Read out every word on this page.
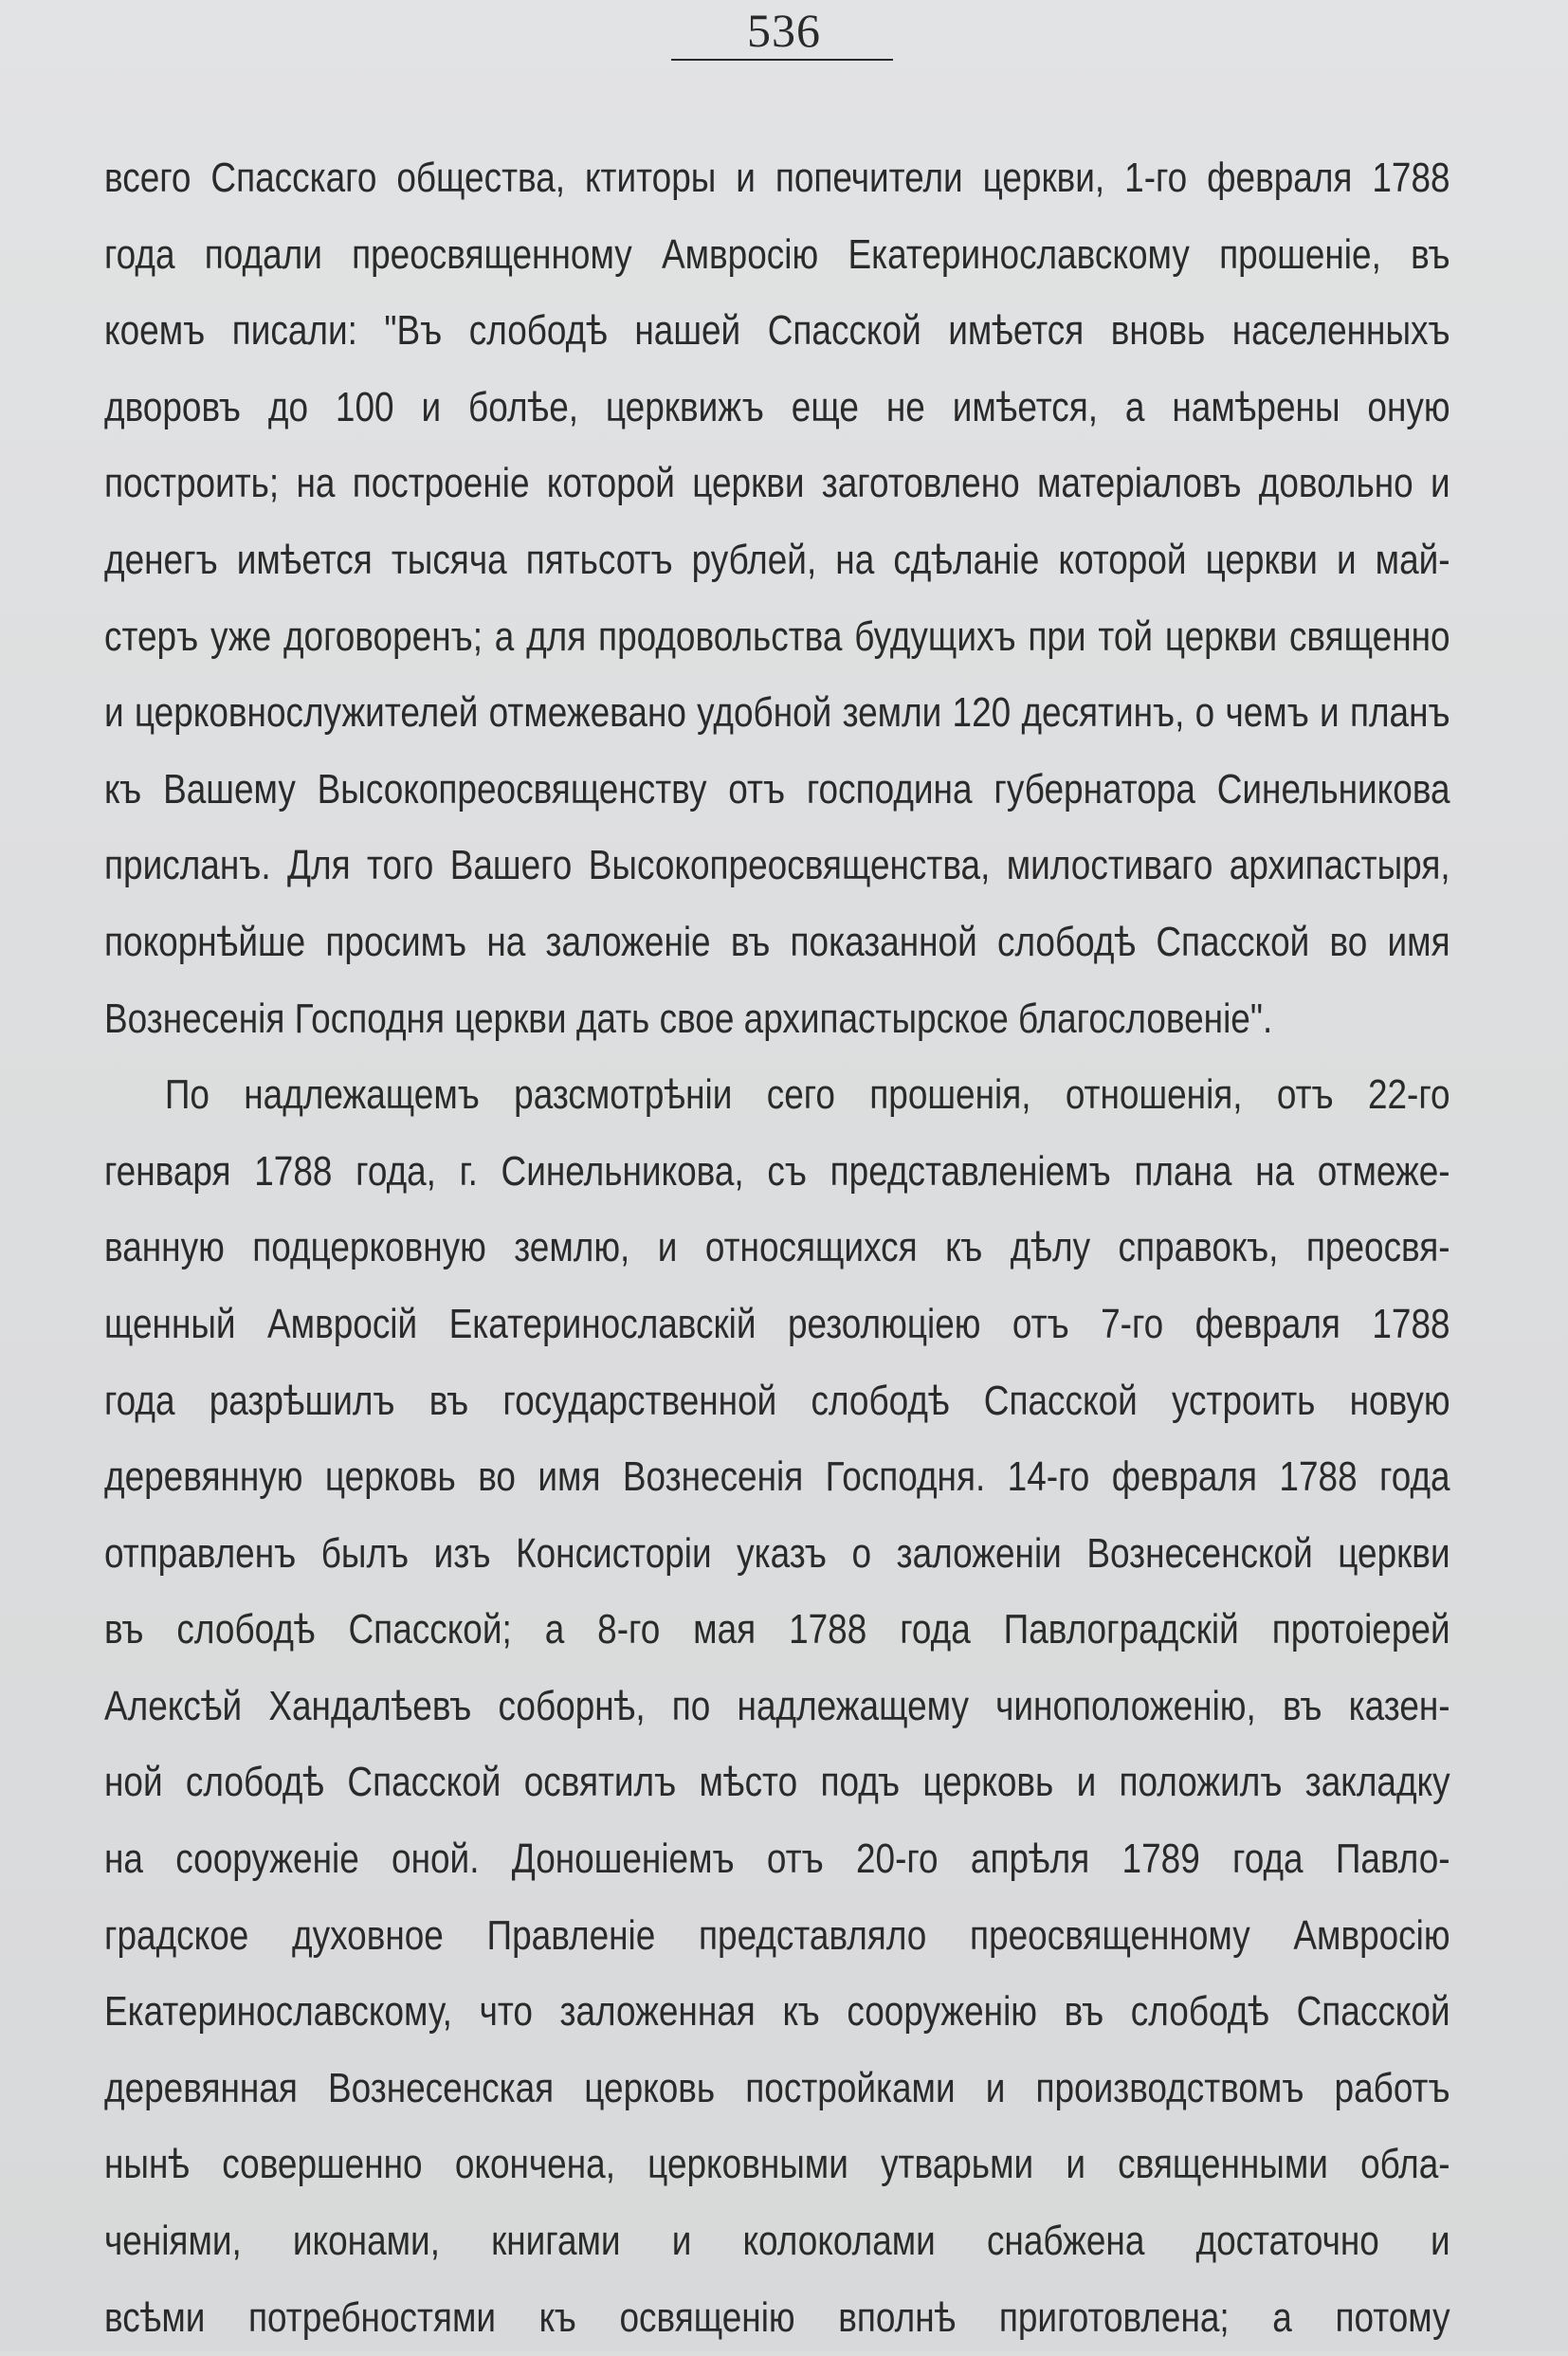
536
всего Спасскаго общества, ктиторы и попечители церкви, 1-го февраля 1788
года подали преосвященному Амвросію Екатеринославскому прошеніе, въ
коемъ писали: "Въ слободѣ нашей Спасской имѣется вновь населенныхъ
дворовъ до 100 и болѣе, церквижъ еще не имѣется, а намѣрены оную
построить; на построеніе которой церкви заготовлено матеріаловъ довольно и
денегъ имѣется тысяча пятьсотъ рублей, на сдѣланіе которой церкви и май-
стеръ уже договоренъ; а для продовольства будущихъ при той церкви священно
и церковнослужителей отмежевано удобной земли 120 десятинъ, о чемъ и планъ
къ Вашему Высокопреосвященству отъ господина губернатора Синельникова
присланъ. Для того Вашего Высокопреосвященства, милостиваго архипастыря,
покорнѣйше просимъ на заложеніе въ показанной слободѣ Спасской во имя
Вознесенія Господня церкви дать свое архипастырское благословеніе".
По надлежащемъ разсмотрѣніи сего прошенія, отношенія, отъ 22-го
генваря 1788 года, г. Синельникова, съ представленіемъ плана на отмеже-
ванную подцерковную землю, и относящихся къ дѣлу справокъ, преосвя-
щенный Амвросій Екатеринославскій резолюціею отъ 7-го февраля 1788
года разрѣшилъ въ государственной слободѣ Спасской устроить новую
деревянную церковь во имя Вознесенія Господня. 14-го февраля 1788 года
отправленъ былъ изъ Консисторіи указъ о заложеніи Вознесенской церкви
въ слободѣ Спасской; а 8-го мая 1788 года Павлоградскій протоіерей
Алексѣй Хандалѣевъ соборнѣ, по надлежащему чиноположенію, въ казен-
ной слободѣ Спасской освятилъ мѣсто подъ церковь и положилъ закладку
на сооруженіе оной. Доношеніемъ отъ 20-го апрѣля 1789 года Павло-
градское духовное Правленіе представляло преосвященному Амвросію
Екатеринославскому, что заложенная къ сооруженію въ слободѣ Спасской
деревянная Вознесенская церковь постройками и производствомъ работъ
нынѣ совершенно окончена, церковными утварьми и священными обла-
ченіями, иконами, книгами и колоколами снабжена достаточно и
всѣми потребностями къ освященію вполнѣ приготовлена; а потому
